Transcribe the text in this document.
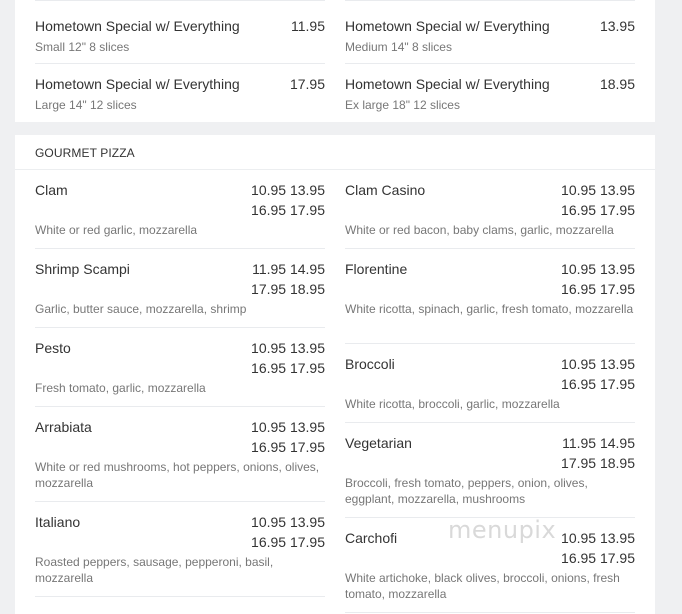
Hometown Special w/ Everything	11.95
Small 12" 8 slices
Hometown Special w/ Everything	17.95
Large 14" 12 slices
Hometown Special w/ Everything	13.95
Medium 14" 8 slices
Hometown Special w/ Everything	18.95
Ex large 18" 12 slices
GOURMET PIZZA
Clam	10.95 13.95
16.95 17.95
White or red garlic, mozzarella
Shrimp Scampi	11.95 14.95
17.95 18.95
Garlic, butter sauce, mozzarella, shrimp
Pesto	10.95 13.95
16.95 17.95
Fresh tomato, garlic, mozzarella
Arrabiata	10.95 13.95
16.95 17.95
White or red mushrooms, hot peppers, onions, olives, mozzarella
Italiano	10.95 13.95
16.95 17.95
Roasted peppers, sausage, pepperoni, basil, mozzarella
Clam Casino	10.95 13.95
16.95 17.95
White or red bacon, baby clams, garlic, mozzarella
Florentine	10.95 13.95
16.95 17.95
White ricotta, spinach, garlic, fresh tomato, mozzarella
Broccoli	10.95 13.95
16.95 17.95
White ricotta, broccoli, garlic, mozzarella
Vegetarian	11.95 14.95
17.95 18.95
Broccoli, fresh tomato, peppers, onion, olives, eggplant, mozzarella, mushrooms
Carchofi	10.95 13.95
16.95 17.95
White artichoke, black olives, broccoli, onions, fresh tomato, mozzarella
menupix
